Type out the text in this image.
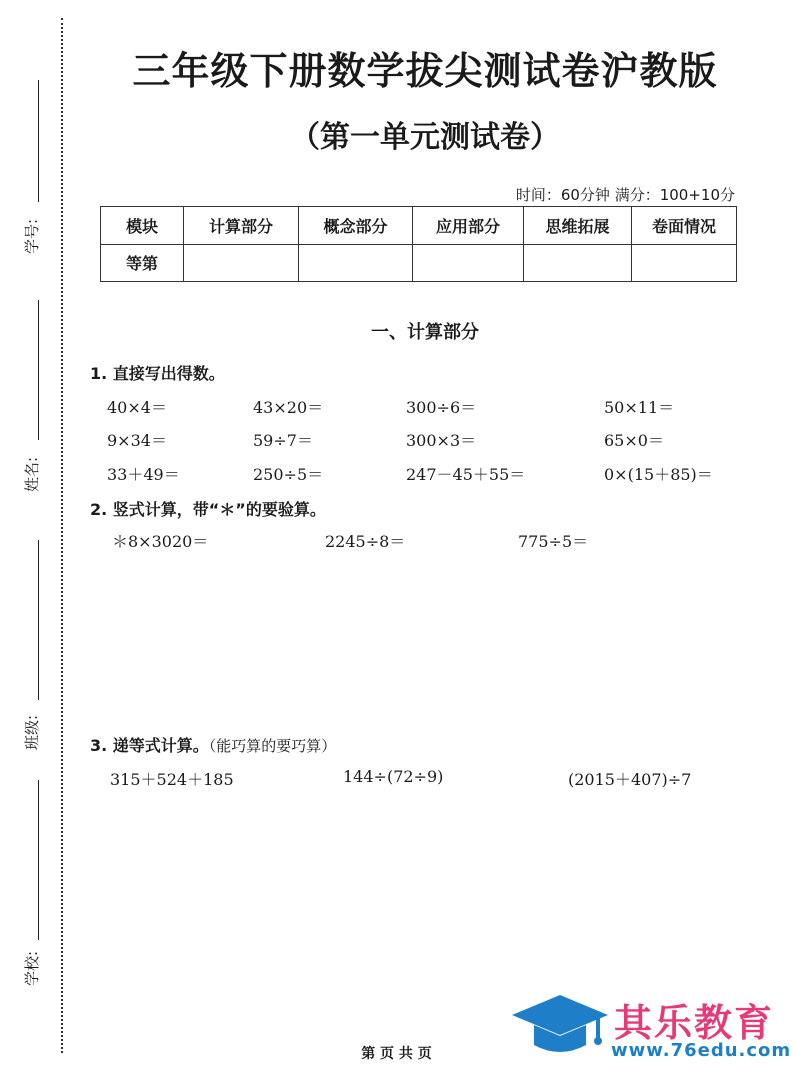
学号:
姓名:
班级:
学校:
三年级下册数学拔尖测试卷沪教版
（第一单元测试卷）
时间：60分钟 满分：100+10分
模块	计算部分	概念部分	应用部分	思维拓展	卷面情况
等第					
一、计算部分
1. 直接写出得数。
40×4＝	43×20＝	300÷6＝	50×11＝
9×34＝	59÷7＝	300×3＝	65×0＝
33＋49＝	250÷5＝	247－45＋55＝	0×(15＋85)＝
2. 竖式计算，带“＊”的要验算。
＊8×3020＝	2245÷8＝	775÷5＝
3. 递等式计算。（能巧算的要巧算）
315＋524＋185	144÷(72÷9)	(2015＋407)÷7
第 页 共 页
其乐教育
www.76edu.com
